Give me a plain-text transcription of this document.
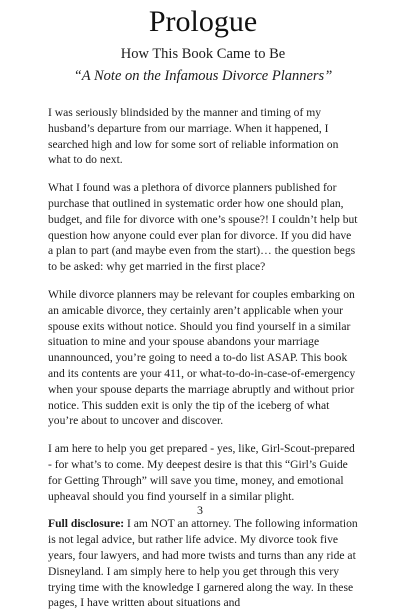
Prologue
How This Book Came to Be
“A Note on the Infamous Divorce Planners”

I was seriously blindsided by the manner and timing of my husband’s departure from our marriage. When it happened, I searched high and low for some sort of reliable information on what to do next.

What I found was a plethora of divorce planners published for purchase that outlined in systematic order how one should plan, budget, and file for divorce with one’s spouse?! I couldn’t help but question how anyone could ever plan for divorce. If you did have a plan to part (and maybe even from the start)… the question begs to be asked: why get married in the first place?

While divorce planners may be relevant for couples embarking on an amicable divorce, they certainly aren’t applicable when your spouse exits without notice. Should you find yourself in a similar situation to mine and your spouse abandons your marriage unannounced, you’re going to need a to-do list ASAP. This book and its contents are your 411, or what-to-do-in-case-of-emergency when your spouse departs the marriage abruptly and without prior notice. This sudden exit is only the tip of the iceberg of what you’re about to uncover and discover.

I am here to help you get prepared - yes, like, Girl-Scout-prepared - for what’s to come. My deepest desire is that this “Girl’s Guide for Getting Through” will save you time, money, and emotional upheaval should you find yourself in a similar plight.

Full disclosure: I am NOT an attorney. The following information is not legal advice, but rather life advice. My divorce took five years, four lawyers, and had more twists and turns than any ride at Disneyland. I am simply here to help you get through this very trying time with the knowledge I garnered along the way. In these pages, I have written about situations and

3
